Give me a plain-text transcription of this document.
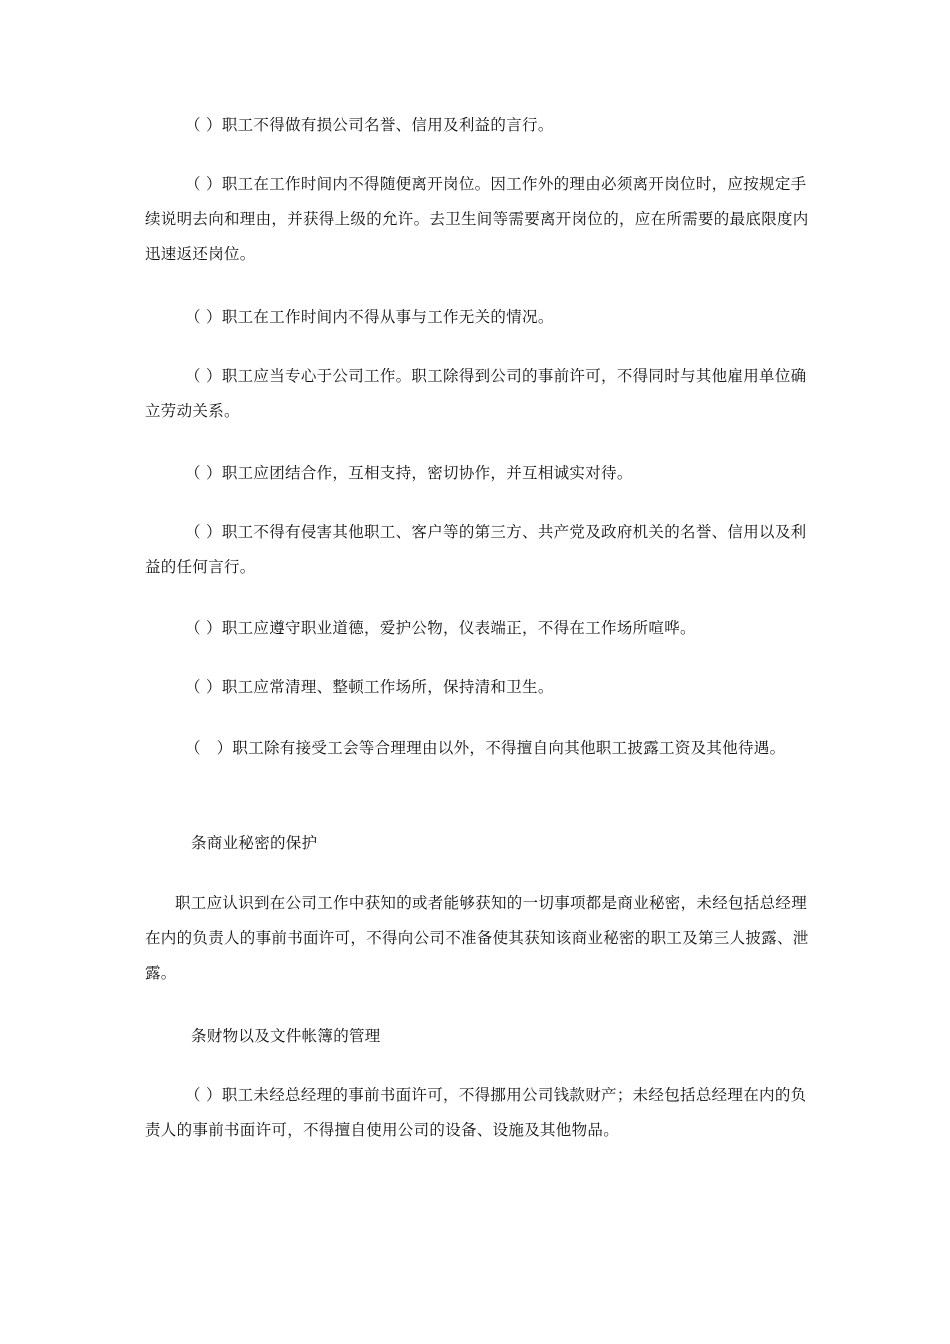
（ ）职工不得做有损公司名誉、信用及利益的言行。

（ ）职工在工作时间内不得随便离开岗位。因工作外的理由必须离开岗位时，应按规定手续说明去向和理由，并获得上级的允许。去卫生间等需要离开岗位的，应在所需要的最底限度内迅速返还岗位。

（ ）职工在工作时间内不得从事与工作无关的情况。

（ ）职工应当专心于公司工作。职工除得到公司的事前许可，不得同时与其他雇用单位确立劳动关系。

（ ）职工应团结合作，互相支持，密切协作，并互相诚实对待。

（ ）职工不得有侵害其他职工、客户等的第三方、共产党及政府机关的名誉、信用以及利益的任何言行。

（ ）职工应遵守职业道德，爱护公物，仪表端正，不得在工作场所喧哗。

（ ）职工应常清理、整顿工作场所，保持清和卫生。

（　）职工除有接受工会等合理理由以外，不得擅自向其他职工披露工资及其他待遇。

条商业秘密的保护

职工应认识到在公司工作中获知的或者能够获知的一切事项都是商业秘密，未经包括总经理在内的负责人的事前书面许可，不得向公司不准备使其获知该商业秘密的职工及第三人披露、泄露。

条财物以及文件帐簿的管理

（ ）职工未经总经理的事前书面许可，不得挪用公司钱款财产；未经包括总经理在内的负责人的事前书面许可，不得擅自使用公司的设备、设施及其他物品。
